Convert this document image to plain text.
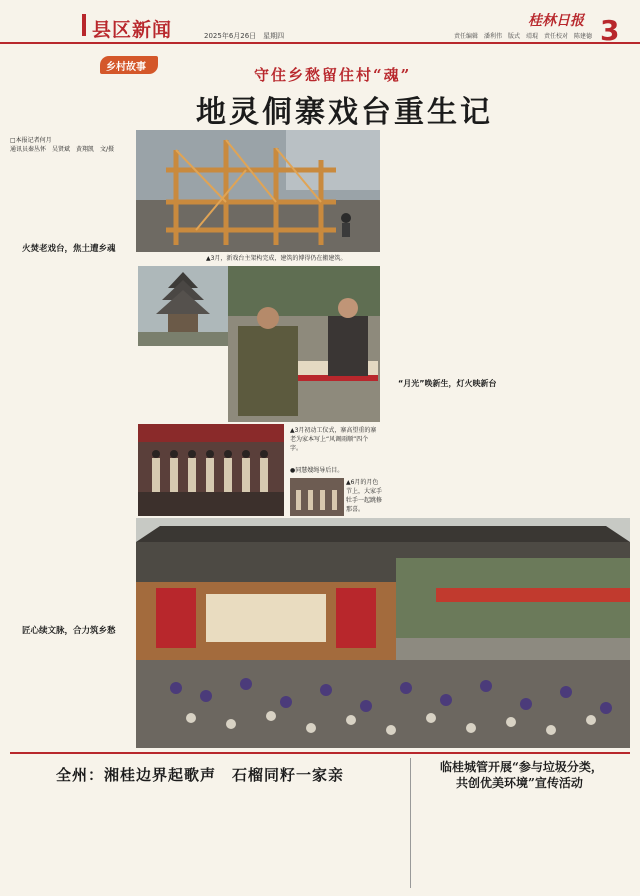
县区新闻	2025年6月26日　星期四
桂林日报
责任编辑　潘利伟　版式　靖琨　责任校对　陈建德 3
乡村故事	守住乡愁留住村“魂”
地灵侗寨戏台重生记
□本报记者何月
通讯员秦丛怀　吴贤斌　黄翔凯　文/摄
火焚老戏台，焦土遭乡魂
匠心续文脉，合力筑乡愁
▲3月，新戏台主架构完成，建筑的博得仍在搬建筑。
▲3月初动工仪式，寨高望重的寨老为家本写上“风调雨顺”四个字。
●同慧嫂绳导后目。
▲6月的月色节上，大家手牡手一起跳修那喜。
“月光”唤新生，灯火映新台
全州： 湘桂边界起歌声　石榴同籽一家亲	临桂城管开展“参与垃圾分类，
共创优美环境”宣传活动
